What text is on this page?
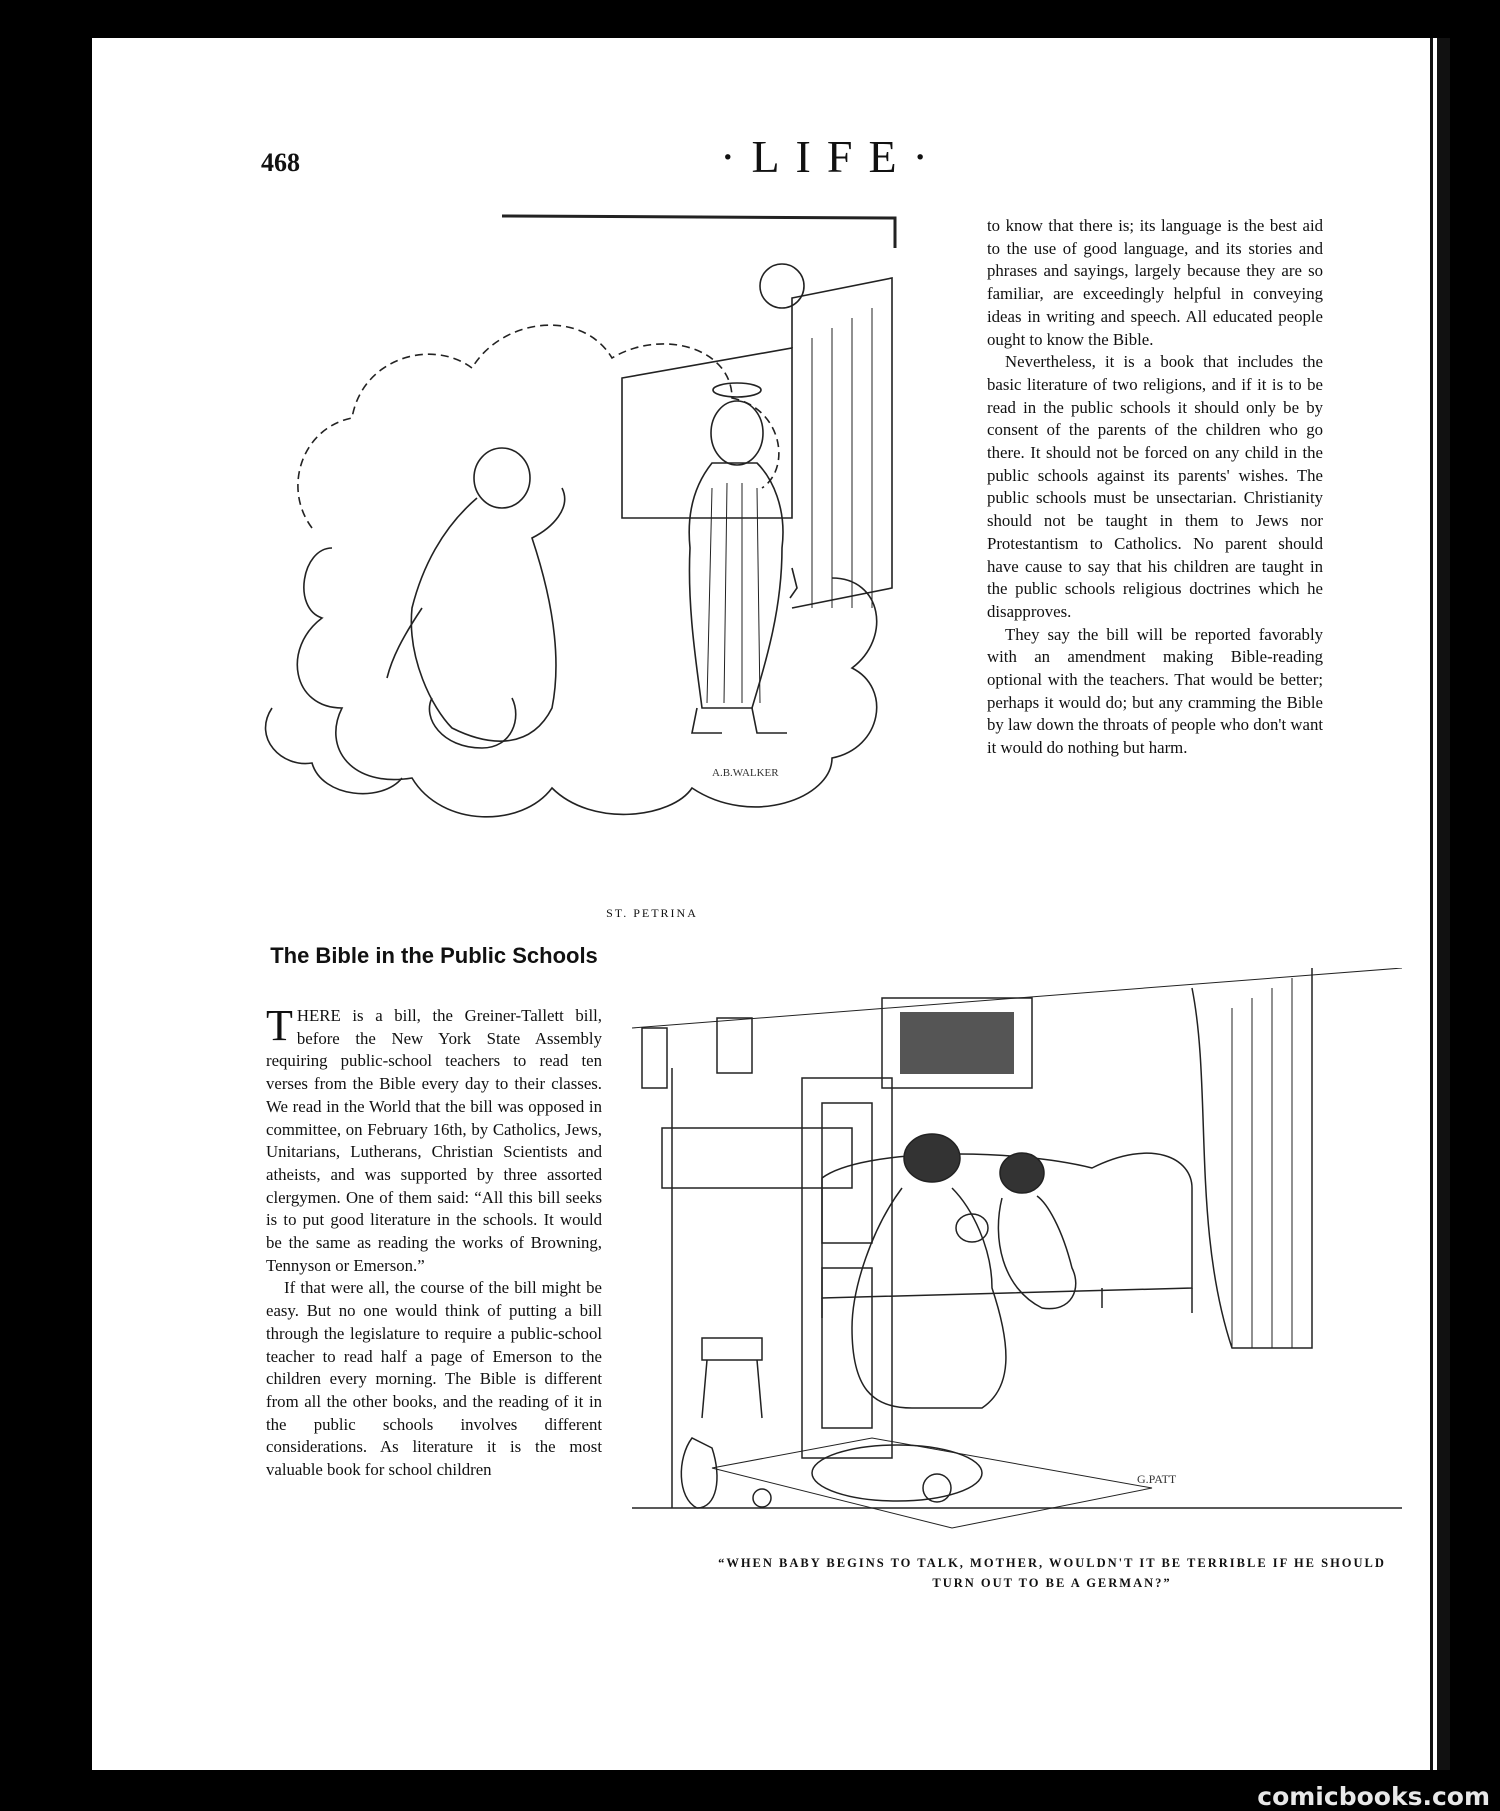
468	·LIFE·
A.B.WALKER
ST. PETRINA

to know that there is; its language is the best aid to the use of good language, and its stories and phrases and sayings, largely because they are so familiar, are exceedingly helpful in conveying ideas in writing and speech. All educated people ought to know the Bible.

Nevertheless, it is a book that includes the basic literature of two religions, and if it is to be read in the public schools it should only be by consent of the parents of the children who go there. It should not be forced on any child in the public schools against its parents' wishes. The public schools must be unsectarian. Christianity should not be taught in them to Jews nor Protestantism to Catholics. No parent should have cause to say that his children are taught in the public schools religious doctrines which he disapproves.

They say the bill will be reported favorably with an amendment making Bible-reading optional with the teachers. That would be better; perhaps it would do; but any cramming the Bible by law down the throats of people who don't want it would do nothing but harm.

The Bible in the Public Schools

THERE is a bill, the Greiner-Tallett bill, before the New York State Assembly requiring public-school teachers to read ten verses from the Bible every day to their classes. We read in the World that the bill was opposed in committee, on February 16th, by Catholics, Jews, Unitarians, Lutherans, Christian Scientists and atheists, and was supported by three assorted clergymen. One of them said: “All this bill seeks is to put good literature in the schools. It would be the same as reading the works of Browning, Tennyson or Emerson.”

If that were all, the course of the bill might be easy. But no one would think of putting a bill through the legislature to require a public-school teacher to read half a page of Emerson to the children every morning. The Bible is different from all the other books, and the reading of it in the public schools involves different considerations. As literature it is the most valuable book for school children	G.PATT
“WHEN BABY BEGINS TO TALK, MOTHER, WOULDN'T IT BE TERRIBLE IF HE SHOULD TURN OUT TO BE A GERMAN?”
comicbooks.com
